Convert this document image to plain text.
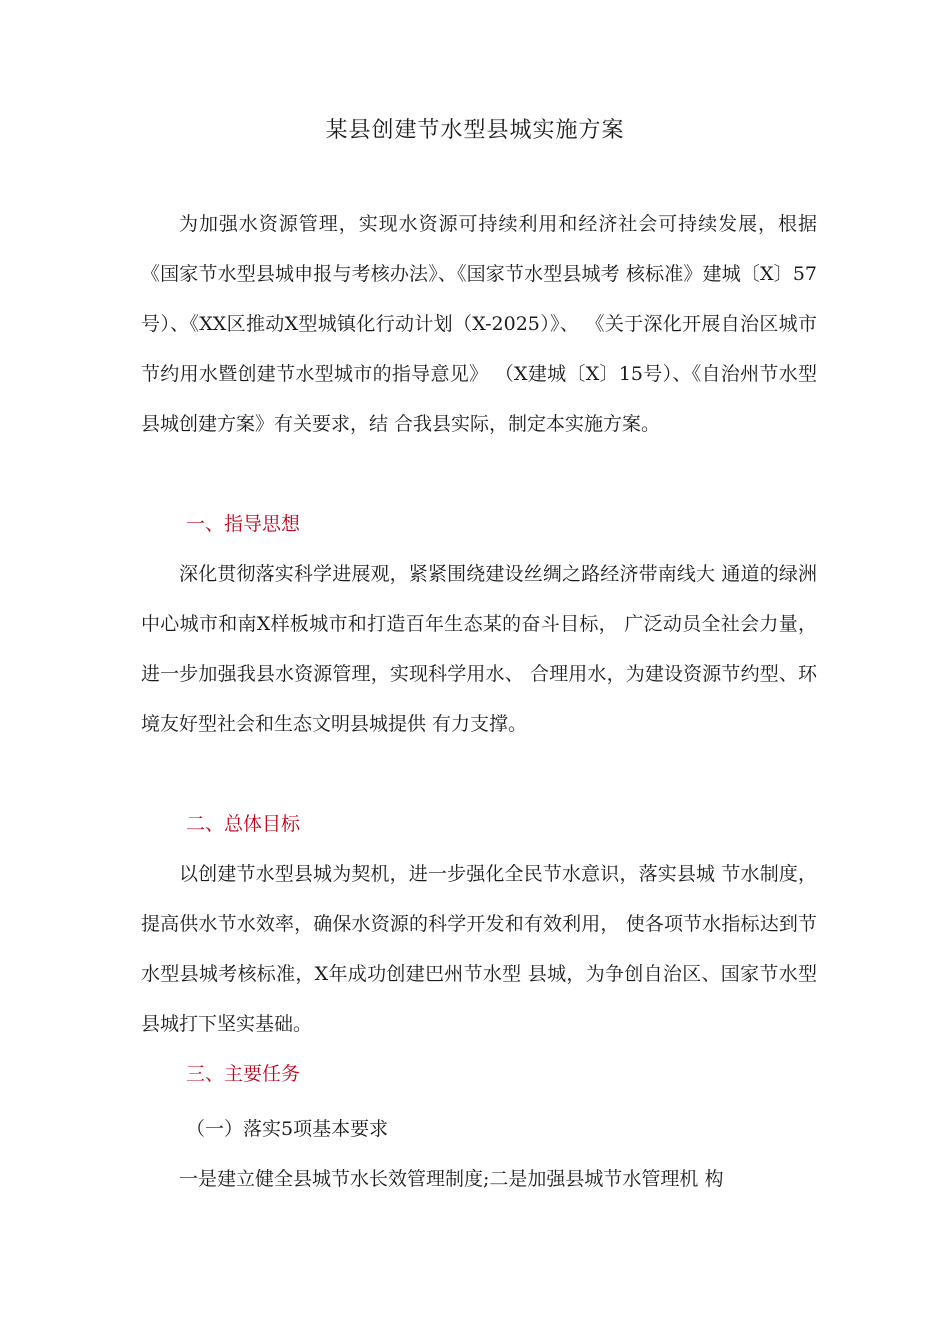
某县创建节水型县城实施方案

为加强水资源管理，实现水资源可持续利用和经济社会可持续发展，根据《国家节水型县城申报与考核办法》、《国家节水型县城考 核标准》建城〔X〕57号）、《XX区推动X型城镇化行动计划（X-2025）》、 《关于深化开展自治区城市节约用水暨创建节水型城市的指导意见》 （X建城〔X〕15号）、《自治州节水型县城创建方案》有关要求，结 合我县实际，制定本实施方案。

一、指导思想

深化贯彻落实科学进展观，紧紧围绕建设丝绸之路经济带南线大 通道的绿洲中心城市和南X样板城市和打造百年生态某的奋斗目标， 广泛动员全社会力量，进一步加强我县水资源管理，实现科学用水、 合理用水，为建设资源节约型、环境友好型社会和生态文明县城提供 有力支撑。

二、总体目标

以创建节水型县城为契机，进一步强化全民节水意识，落实县城 节水制度，提高供水节水效率，确保水资源的科学开发和有效利用， 使各项节水指标达到节水型县城考核标准，X年成功创建巴州节水型 县城，为争创自治区、国家节水型县城打下坚实基础。

三、主要任务

（一）落实5项基本要求

一是建立健全县城节水长效管理制度;二是加强县城节水管理机 构
